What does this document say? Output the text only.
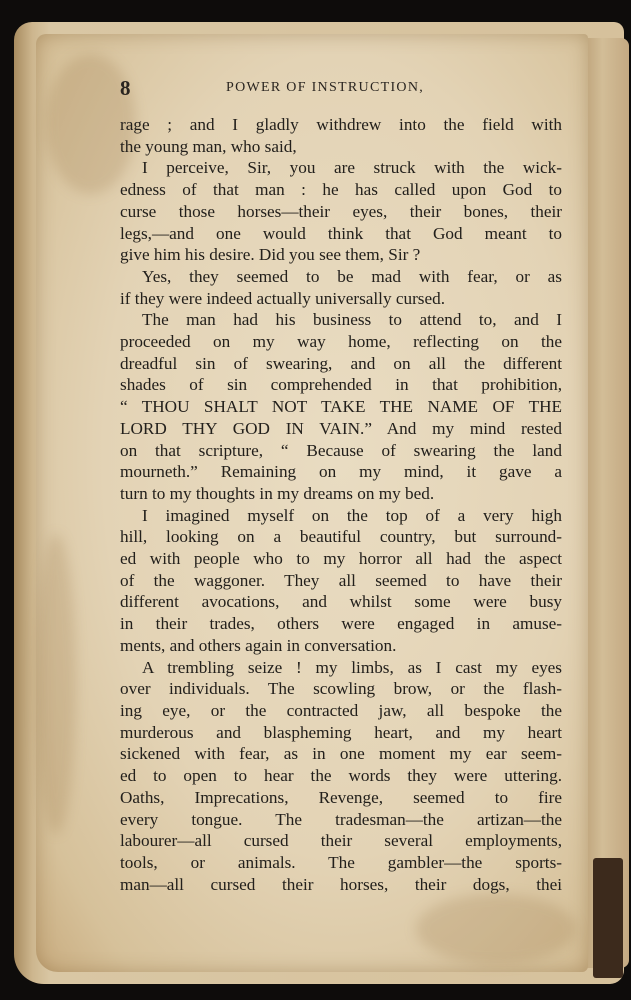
8	POWER OF INSTRUCTION,
rage ; and I gladly withdrew into the field with
the young man, who said,
I perceive, Sir, you are struck with the wick-
edness of that man : he has called upon God to
curse those horses—their eyes, their bones, their
legs,—and one would think that God meant to
give him his desire. Did you see them, Sir ?
Yes, they seemed to be mad with fear, or as
if they were indeed actually universally cursed.
The man had his business to attend to, and I
proceeded on my way home, reflecting on the
dreadful sin of swearing, and on all the different
shades of sin comprehended in that prohibition,
“ THOU SHALT NOT TAKE THE NAME OF THE
LORD THY GOD IN VAIN.” And my mind rested
on that scripture, “ Because of swearing the land
mourneth.” Remaining on my mind, it gave a
turn to my thoughts in my dreams on my bed.
I imagined myself on the top of a very high
hill, looking on a beautiful country, but surround-
ed with people who to my horror all had the aspect
of the waggoner. They all seemed to have their
different avocations, and whilst some were busy
in their trades, others were engaged in amuse-
ments, and others again in conversation.
A trembling seize ! my limbs, as I cast my eyes
over individuals. The scowling brow, or the flash-
ing eye, or the contracted jaw, all bespoke the
murderous and blaspheming heart, and my heart
sickened with fear, as in one moment my ear seem-
ed to open to hear the words they were uttering.
Oaths, Imprecations, Revenge, seemed to fire
every tongue. The tradesman—the artizan—the
labourer—all cursed their several employments,
tools, or animals. The gambler—the sports-
man—all cursed their horses, their dogs, thei
